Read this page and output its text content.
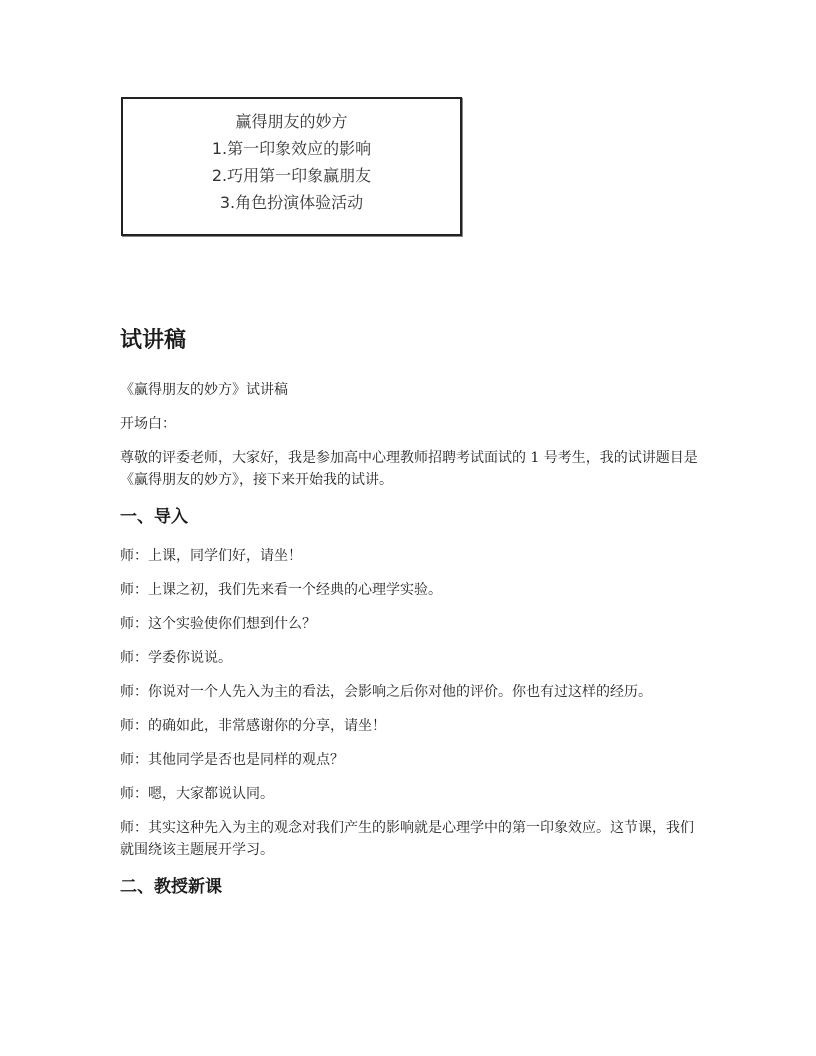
赢得朋友的妙方
1.第一印象效应的影响
2.巧用第一印象赢朋友
3.角色扮演体验活动
试讲稿

《赢得朋友的妙方》试讲稿

开场白：

尊敬的评委老师，大家好，我是参加高中心理教师招聘考试面试的 1 号考生，我的试讲题目是《赢得朋友的妙方》，接下来开始我的试讲。

一、导入

师：上课，同学们好，请坐！

师：上课之初，我们先来看一个经典的心理学实验。

师：这个实验使你们想到什么？

师：学委你说说。

师：你说对一个人先入为主的看法，会影响之后你对他的评价。你也有过这样的经历。

师：的确如此，非常感谢你的分享，请坐！

师：其他同学是否也是同样的观点？

师：嗯，大家都说认同。

师：其实这种先入为主的观念对我们产生的影响就是心理学中的第一印象效应。这节课，我们就围绕该主题展开学习。

二、教授新课
